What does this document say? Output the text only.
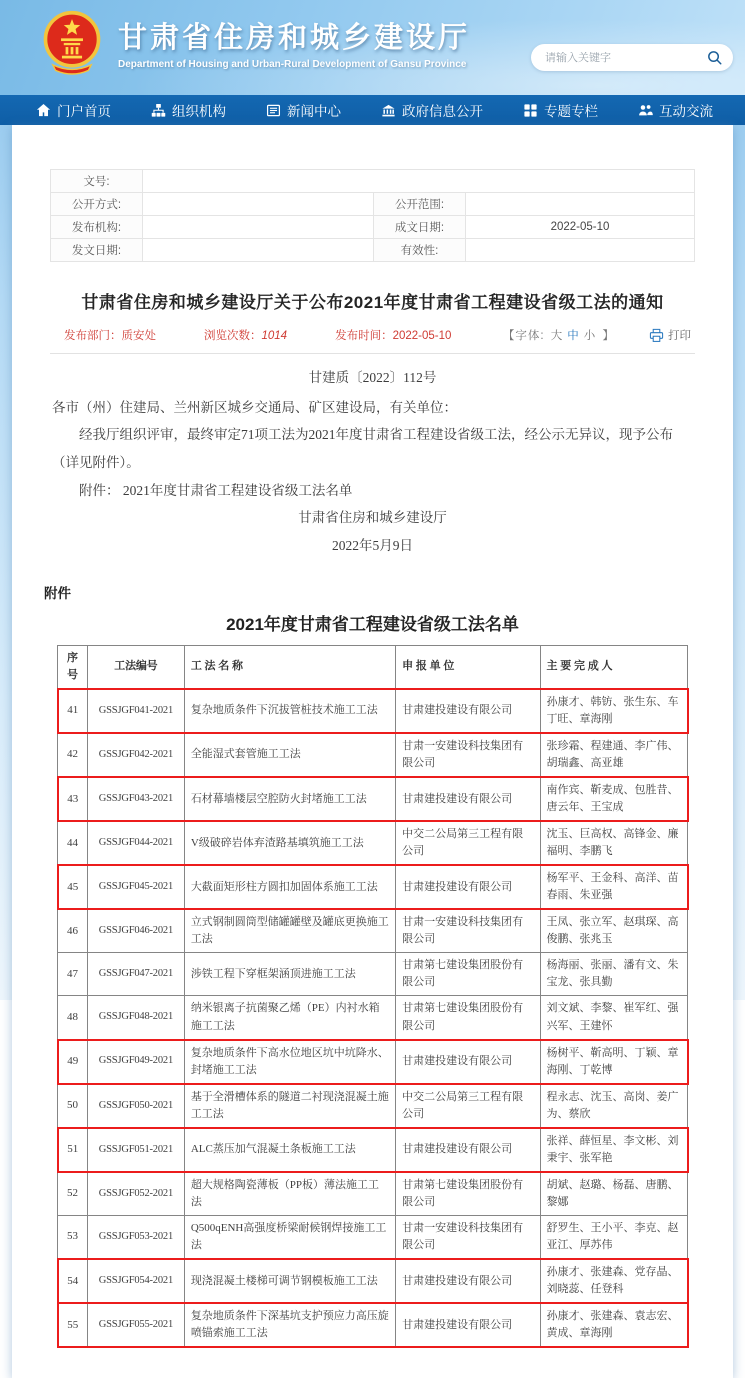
甘肃省住房和城乡建设厅
Department of Housing and Urban-Rural Development of Gansu Province
请输入关键字
门户首页	组织机构	新闻中心	政府信息公开	专题专栏	互动交流
文号:			
公开方式:		公开范围:	
发布机构:		成文日期:	2022-05-10
发文日期:		有效性:	
甘肃省住房和城乡建设厅关于公布2021年度甘肃省工程建设省级工法的通知
发布部门：质安处	浏览次数：1014	发布时间：2022-05-10	【字体: 大 中 小 】	打印

甘建质〔2022〕112号

各市（州）住建局、兰州新区城乡交通局、矿区建设局，有关单位：

经我厅组织评审，最终审定71项工法为2021年度甘肃省工程建设省级工法，经公示无异议，现予公布（详见附件）。

附件： 2021年度甘肃省工程建设省级工法名单

甘肃省住房和城乡建设厅

2022年5月9日

附件
2021年度甘肃省工程建设省级工法名单
序 号	工法编号	工 法 名 称	申 报 单 位	主 要 完 成 人
41	GSSJGF041-2021	复杂地质条件下沉拔管桩技术施工工法	甘肃建投建设有限公司	孙康才、韩钫、张生东、车丁旺、章海刚
42	GSSJGF042-2021	全能湿式套管施工工法	甘肃一安建设科技集团有限公司	张珍霜、程建通、李广伟、胡瑞鑫、高亚雄
43	GSSJGF043-2021	石材幕墙楼层空腔防火封堵施工工法	甘肃建投建设有限公司	南作宾、靳麦成、包胜昔、唐云年、王宝成
44	GSSJGF044-2021	V级破碎岩体弃渣路基填筑施工工法	中交二公局第三工程有限公司	沈玉、巨高权、高锋金、廉福明、李鹏飞
45	GSSJGF045-2021	大截面矩形柱方圆扣加固体系施工工法	甘肃建投建设有限公司	杨军平、王金科、高洋、苗春雨、朱亚强
46	GSSJGF046-2021	立式钢制圆筒型储罐罐壁及罐底更换施工工法	甘肃一安建设科技集团有限公司	王凤、张立军、赵琪琛、高俊鹏、张兆玉
47	GSSJGF047-2021	涉铁工程下穿框架涵顶进施工工法	甘肃第七建设集团股份有限公司	杨海丽、张丽、潘有文、朱宝龙、张具勤
48	GSSJGF048-2021	纳米银离子抗菌聚乙烯（PE）内衬水箱施工工法	甘肃第七建设集团股份有限公司	刘文斌、李黎、崔军红、强兴军、王建怀
49	GSSJGF049-2021	复杂地质条件下高水位地区坑中坑降水、封堵施工工法	甘肃建投建设有限公司	杨树平、靳高明、丁颖、章海刚、丁乾博
50	GSSJGF050-2021	基于全滑槽体系的隧道二衬现浇混凝土施工工法	中交二公局第三工程有限公司	程永志、沈玉、高岗、姜广为、蔡欣
51	GSSJGF051-2021	ALC蒸压加气混凝土条板施工工法	甘肃建投建设有限公司	张祥、薛恒星、李文彬、刘秉宇、张军艳
52	GSSJGF052-2021	超大规格陶瓷薄板（PP板）薄法施工工法	甘肃第七建设集团股份有限公司	胡斌、赵璐、杨磊、唐鹏、黎娜
53	GSSJGF053-2021	Q500qENH高强度桥梁耐候钢焊接施工工法	甘肃一安建设科技集团有限公司	舒罗生、王小平、李克、赵亚江、厚苏伟
54	GSSJGF054-2021	现浇混凝土楼梯可调节钢模板施工工法	甘肃建投建设有限公司	孙康才、张建森、党存晶、刘晓蕊、任登科
55	GSSJGF055-2021	复杂地质条件下深基坑支护预应力高压旋喷锚索施工工法	甘肃建投建设有限公司	孙康才、张建森、袁志宏、黄成、章海刚
